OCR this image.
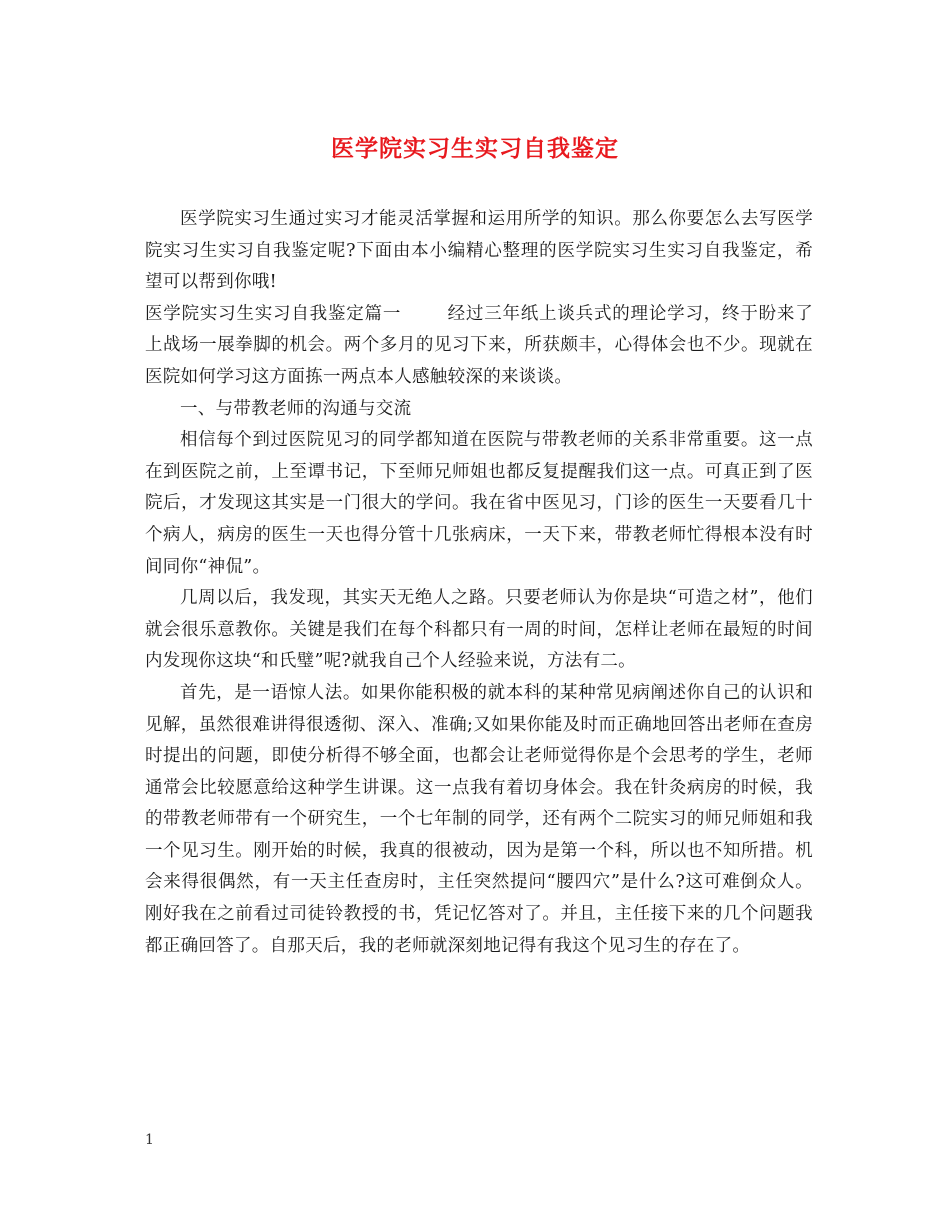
医学院实习生实习自我鉴定

医学院实习生通过实习才能灵活掌握和运用所学的知识。那么你要怎么去写医学院实习生实习自我鉴定呢?下面由本小编精心整理的医学院实习生实习自我鉴定，希望可以帮到你哦!

医学院实习生实习自我鉴定篇一	经过三年纸上谈兵式的理论学习，终于盼来了上战场一展拳脚的机会。两个多月的见习下来，所获颇丰，心得体会也不少。现就在医院如何学习这方面拣一两点本人感触较深的来谈谈。

一、与带教老师的沟通与交流

相信每个到过医院见习的同学都知道在医院与带教老师的关系非常重要。这一点在到医院之前，上至谭书记，下至师兄师姐也都反复提醒我们这一点。可真正到了医院后，才发现这其实是一门很大的学问。我在省中医见习，门诊的医生一天要看几十个病人，病房的医生一天也得分管十几张病床，一天下来，带教老师忙得根本没有时间同你“神侃”。

几周以后，我发现，其实天无绝人之路。只要老师认为你是块“可造之材”，他们就会很乐意教你。关键是我们在每个科都只有一周的时间，怎样让老师在最短的时间内发现你这块“和氏璧”呢?就我自己个人经验来说，方法有二。

首先，是一语惊人法。如果你能积极的就本科的某种常见病阐述你自己的认识和见解，虽然很难讲得很透彻、深入、准确;又如果你能及时而正确地回答出老师在查房时提出的问题，即使分析得不够全面，也都会让老师觉得你是个会思考的学生，老师通常会比较愿意给这种学生讲课。这一点我有着切身体会。我在针灸病房的时候，我的带教老师带有一个研究生，一个七年制的同学，还有两个二院实习的师兄师姐和我一个见习生。刚开始的时候，我真的很被动，因为是第一个科，所以也不知所措。机会来得很偶然，有一天主任查房时，主任突然提问“腰四穴”是什么?这可难倒众人。刚好我在之前看过司徒铃教授的书，凭记忆答对了。并且，主任接下来的几个问题我都正确回答了。自那天后，我的老师就深刻地记得有我这个见习生的存在了。

1
